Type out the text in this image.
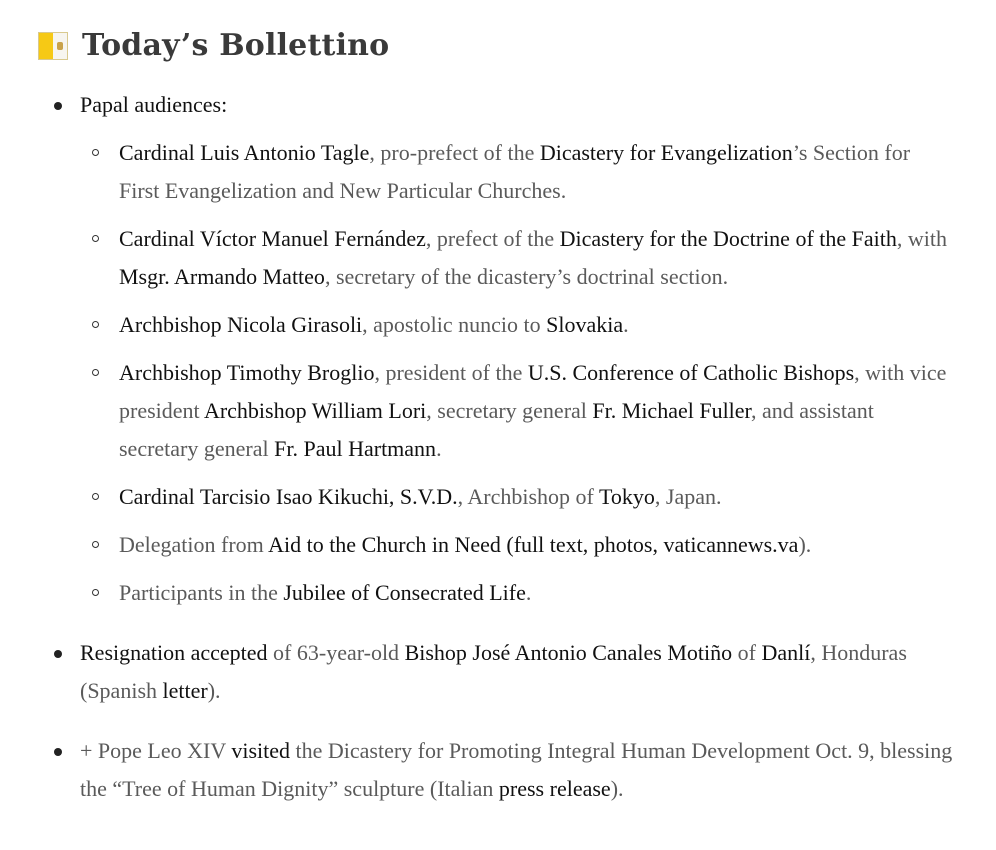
Today’s Bollettino
Papal audiences:
Cardinal Luis Antonio Tagle, pro-prefect of the Dicastery for Evangelization’s Section for First Evangelization and New Particular Churches.
Cardinal Víctor Manuel Fernández, prefect of the Dicastery for the Doctrine of the Faith, with Msgr. Armando Matteo, secretary of the dicastery’s doctrinal section.
Archbishop Nicola Girasoli, apostolic nuncio to Slovakia.
Archbishop Timothy Broglio, president of the U.S. Conference of Catholic Bishops, with vice president Archbishop William Lori, secretary general Fr. Michael Fuller, and assistant secretary general Fr. Paul Hartmann.
Cardinal Tarcisio Isao Kikuchi, S.V.D., Archbishop of Tokyo, Japan.
Delegation from Aid to the Church in Need (full text, photos, vaticannews.va).
Participants in the Jubilee of Consecrated Life.
Resignation accepted of 63-year-old Bishop José Antonio Canales Motiño of Danlí, Honduras (Spanish letter).
+ Pope Leo XIV visited the Dicastery for Promoting Integral Human Development Oct. 9, blessing the “Tree of Human Dignity” sculpture (Italian press release).
